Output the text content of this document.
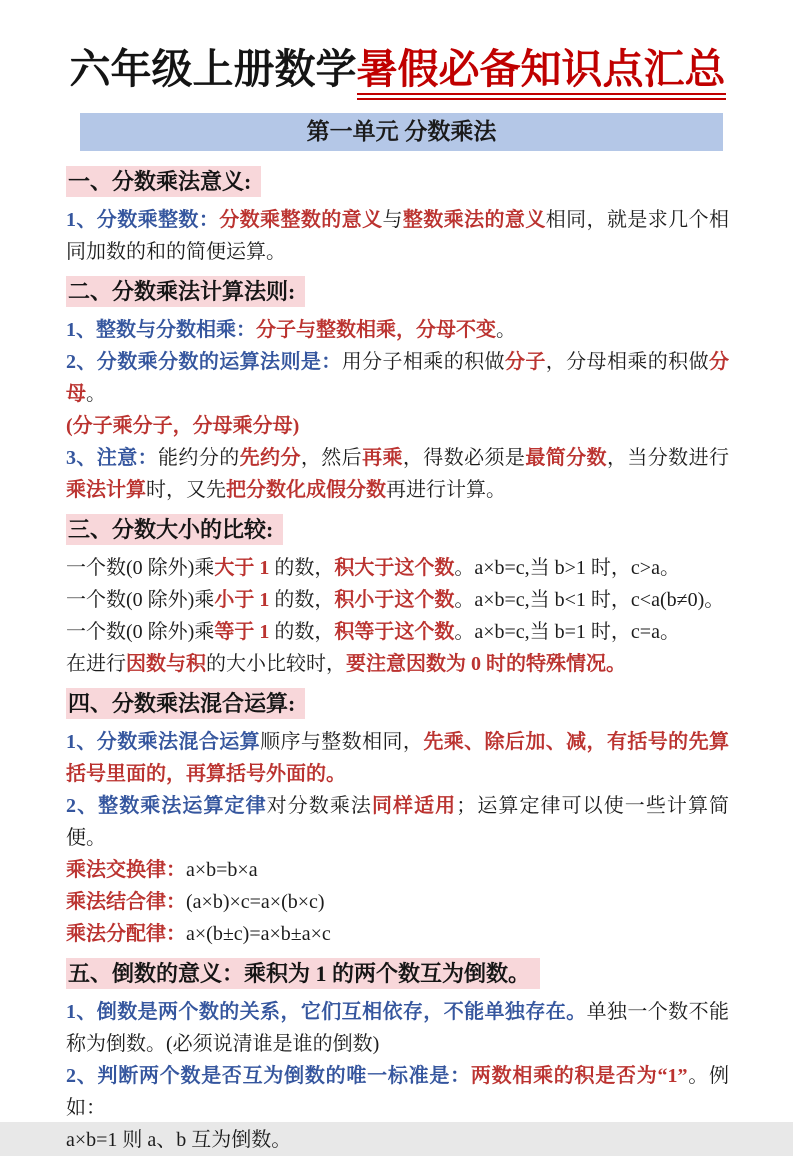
六年级上册数学暑假必备知识点汇总
第一单元 分数乘法

一、分数乘法意义:

1、分数乘整数：分数乘整数的意义与整数乘法的意义相同，就是求几个相同加数的和的简便运算。

二、分数乘法计算法则:

1、整数与分数相乘：分子与整数相乘，分母不变。

2、分数乘分数的运算法则是：用分子相乘的积做分子，分母相乘的积做分母。

(分子乘分子，分母乘分母)

3、注意：能约分的先约分，然后再乘，得数必须是最简分数，当分数进行乘法计算时，又先把分数化成假分数再进行计算。

三、分数大小的比较:

一个数(0 除外)乘大于 1 的数，积大于这个数。a×b=c,当 b>1 时，c>a。

一个数(0 除外)乘小于 1 的数，积小于这个数。a×b=c,当 b<1 时，c<a(b≠0)。

一个数(0 除外)乘等于 1 的数，积等于这个数。a×b=c,当 b=1 时，c=a。

在进行因数与积的大小比较时，要注意因数为 0 时的特殊情况。

四、分数乘法混合运算:

1、分数乘法混合运算顺序与整数相同，先乘、除后加、减，有括号的先算括号里面的，再算括号外面的。

2、整数乘法运算定律对分数乘法同样适用；运算定律可以使一些计算简便。

乘法交换律：a×b=b×a

乘法结合律：(a×b)×c=a×(b×c)

乘法分配律：a×(b±c)=a×b±a×c

五、倒数的意义：乘积为 1 的两个数互为倒数。

1、倒数是两个数的关系，它们互相依存，不能单独存在。单独一个数不能称为倒数。(必须说清谁是谁的倒数)

2、判断两个数是否互为倒数的唯一标准是：两数相乘的积是否为“1”。例如：

a×b=1 则 a、b 互为倒数。
